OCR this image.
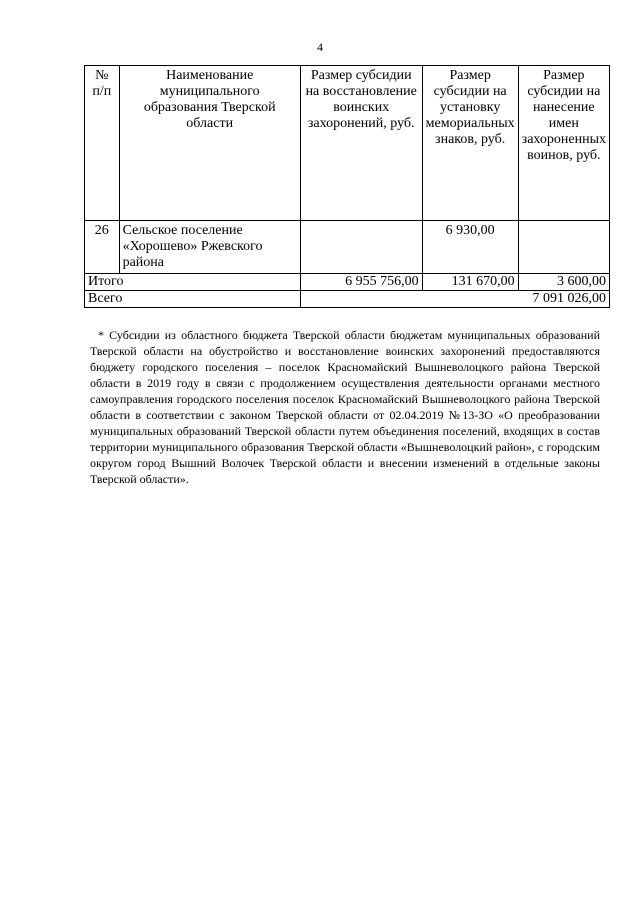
4
№ п/п	Наименование муниципального образования Тверской области	Размер субсидии на восстановление воинских захоронений, руб.	Размер субсидии на установку мемориальных знаков, руб.	Размер субсидии на нанесение имен захороненных воинов, руб.
26	Сельское поселение «Хорошево» Ржевского района		6 930,00	
Итого		6 955 756,00	131 670,00	3 600,00
Всего		7 091 026,00		

* Субсидии из областного бюджета Тверской области бюджетам муниципальных образований Тверской области на обустройство и восстановление воинских захоронений предоставляются бюджету городского поселения – поселок Красномайский Вышневолоцкого района Тверской области в 2019 году в связи с продолжением осуществления деятельности органами местного самоуправления городского поселения поселок Красномайский Вышневолоцкого района Тверской области в соответствии с законом Тверской области от 02.04.2019 №13-ЗО «О преобразовании муниципальных образований Тверской области путем объединения поселений, входящих в состав территории муниципального образования Тверской области «Вышневолоцкий район», с городским округом город Вышний Волочек Тверской области и внесении изменений в отдельные законы Тверской области».
